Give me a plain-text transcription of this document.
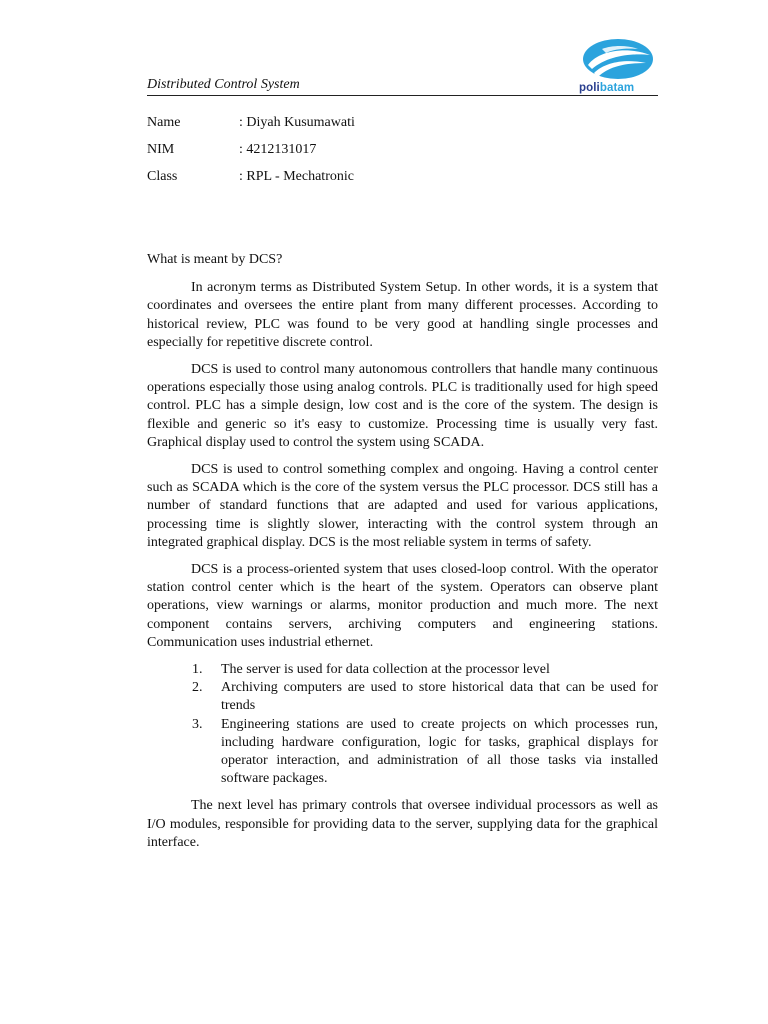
Distributed Control System	polibatam
Name	: Diyah Kusumawati
NIM	: 4212131017
Class	: RPL - Mechatronic

What is meant by DCS?

In acronym terms as Distributed System Setup. In other words, it is a system that coordinates and oversees the entire plant from many different processes. According to historical review, PLC was found to be very good at handling single processes and especially for repetitive discrete control.

DCS is used to control many autonomous controllers that handle many continuous operations especially those using analog controls. PLC is traditionally used for high speed control. PLC has a simple design, low cost and is the core of the system. The design is flexible and generic so it's easy to customize. Processing time is usually very fast. Graphical display used to control the system using SCADA.

DCS is used to control something complex and ongoing. Having a control center such as SCADA which is the core of the system versus the PLC processor. DCS still has a number of standard functions that are adapted and used for various applications, processing time is slightly slower, interacting with the control system through an integrated graphical display. DCS is the most reliable system in terms of safety.

DCS is a process-oriented system that uses closed-loop control. With the operator station control center which is the heart of the system. Operators can observe plant operations, view warnings or alarms, monitor production and much more. The next component contains servers, archiving computers and engineering stations. Communication uses industrial ethernet.

1. The server is used for data collection at the processor level
2. Archiving computers are used to store historical data that can be used for trends
3. Engineering stations are used to create projects on which processes run, including hardware configuration, logic for tasks, graphical displays for operator interaction, and administration of all those tasks via installed software packages.

The next level has primary controls that oversee individual processors as well as I/O modules, responsible for providing data to the server, supplying data for the graphical interface.
